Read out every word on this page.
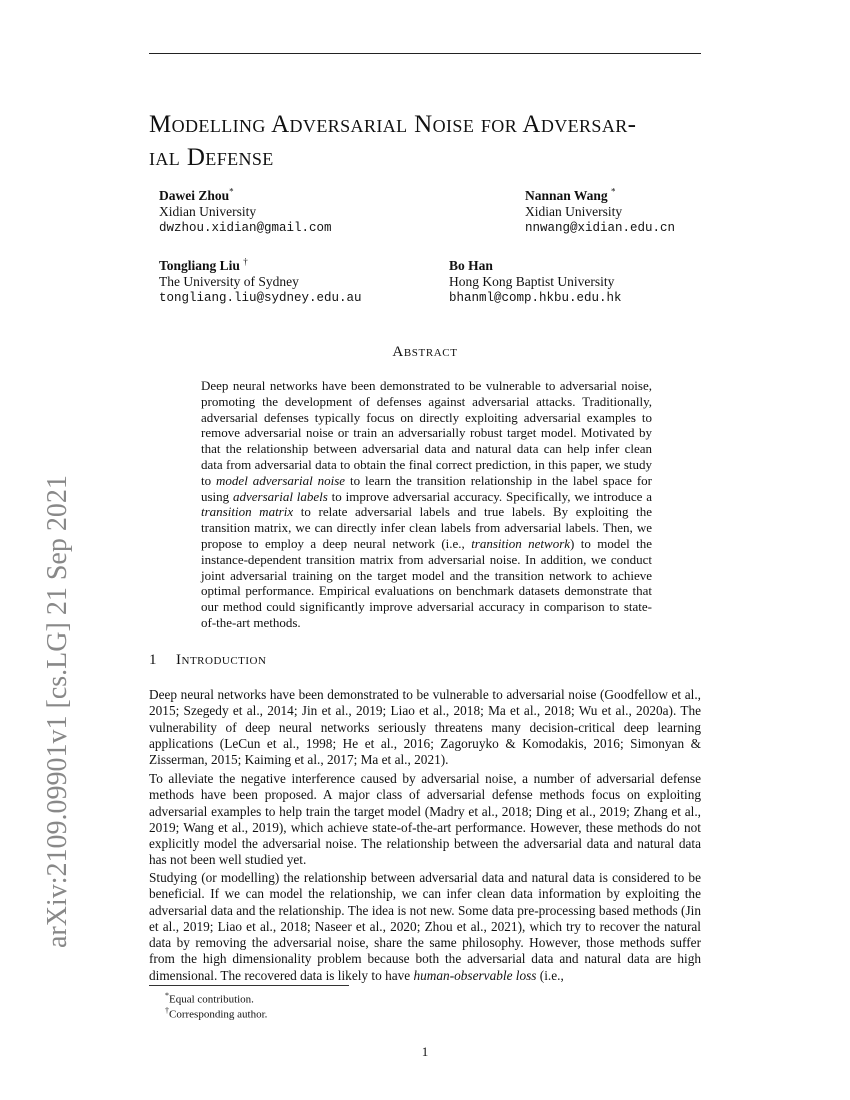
Modelling Adversarial Noise for Adversar-
ial Defense
Dawei Zhou*
Xidian University
dwzhou.xidian@gmail.com
Nannan Wang *
Xidian University
nnwang@xidian.edu.cn
Tongliang Liu †
The University of Sydney
tongliang.liu@sydney.edu.au
Bo Han
Hong Kong Baptist University
bhanml@comp.hkbu.edu.hk
Abstract
Deep neural networks have been demonstrated to be vulnerable to adversarial noise, promoting the development of defenses against adversarial attacks. Traditionally, adversarial defenses typically focus on directly exploiting adversarial examples to remove adversarial noise or train an adversarially robust target model. Motivated by that the relationship between adversarial data and natural data can help infer clean data from adversarial data to obtain the final correct prediction, in this paper, we study to model adversarial noise to learn the transition relationship in the label space for using adversarial labels to improve adversarial accuracy. Specifically, we introduce a transition matrix to relate adversarial labels and true labels. By exploiting the transition matrix, we can directly infer clean labels from adversarial labels. Then, we propose to employ a deep neural network (i.e., transition network) to model the instance-dependent transition matrix from adversarial noise. In addition, we conduct joint adversarial training on the target model and the transition network to achieve optimal performance. Empirical evaluations on benchmark datasets demonstrate that our method could significantly improve adversarial accuracy in comparison to state-of-the-art methods.
1 Introduction
Deep neural networks have been demonstrated to be vulnerable to adversarial noise (Goodfellow et al., 2015; Szegedy et al., 2014; Jin et al., 2019; Liao et al., 2018; Ma et al., 2018; Wu et al., 2020a). The vulnerability of deep neural networks seriously threatens many decision-critical deep learning applications (LeCun et al., 1998; He et al., 2016; Zagoruyko & Komodakis, 2016; Simonyan & Zisserman, 2015; Kaiming et al., 2017; Ma et al., 2021).
To alleviate the negative interference caused by adversarial noise, a number of adversarial defense methods have been proposed. A major class of adversarial defense methods focus on exploiting adversarial examples to help train the target model (Madry et al., 2018; Ding et al., 2019; Zhang et al., 2019; Wang et al., 2019), which achieve state-of-the-art performance. However, these methods do not explicitly model the adversarial noise. The relationship between the adversarial data and natural data has not been well studied yet.
Studying (or modelling) the relationship between adversarial data and natural data is considered to be beneficial. If we can model the relationship, we can infer clean data information by exploiting the adversarial data and the relationship. The idea is not new. Some data pre-processing based methods (Jin et al., 2019; Liao et al., 2018; Naseer et al., 2020; Zhou et al., 2021), which try to recover the natural data by removing the adversarial noise, share the same philosophy. However, those methods suffer from the high dimensionality problem because both the adversarial data and natural data are high dimensional. The recovered data is likely to have human-observable loss (i.e.,
*Equal contribution.
†Corresponding author.
1
arXiv:2109.09901v1 [cs.LG] 21 Sep 2021
